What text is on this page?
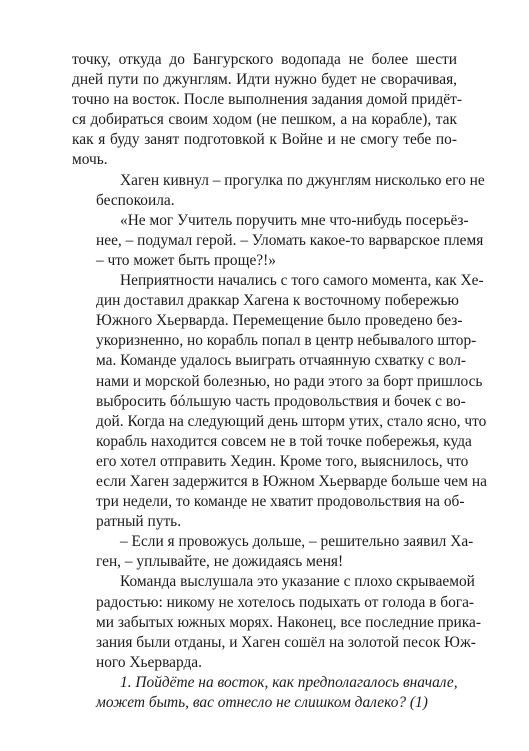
точку, откуда до Бангурского водопада не более шести
дней пути по джунглям. Идти нужно будет не сворачивая,
точно на восток. После выполнения задания домой придёт-
ся добираться своим ходом (не пешком, а на корабле), так
как я буду занят подготовкой к Войне и не смогу тебе по-
мочь.

Хаген кивнул – прогулка по джунглям нисколько его не
беспокоила.

«Не мог Учитель поручить мне что-нибудь посерьёз-
нее, – подумал герой. – Уломать какое-то варварское племя
– что может быть проще?!»

Неприятности начались с того самого момента, как Хе-
дин доставил драккар Хагена к восточному побережью
Южного Хьерварда. Перемещение было проведено без-
укоризненно, но корабль попал в центр небывалого штор-
ма. Команде удалось выиграть отчаянную схватку с вол-
нами и морской болезнью, но ради этого за борт пришлось
выбросить бóльшую часть продовольствия и бочек с во-
дой. Когда на следующий день шторм утих, стало ясно, что
корабль находится совсем не в той точке побережья, куда
его хотел отправить Хедин. Кроме того, выяснилось, что
если Хаген задержится в Южном Хьерварде больше чем на
три недели, то команде не хватит продовольствия на об-
ратный путь.

– Если я провожусь дольше, – решительно заявил Ха-
ген, – уплывайте, не дожидаясь меня!

Команда выслушала это указание с плохо скрываемой
радостью: никому не хотелось подыхать от голода в бога-
ми забытых южных морях. Наконец, все последние прика-
зания были отданы, и Хаген сошёл на золотой песок Юж-
ного Хьерварда.

1. Пойдёте на восток, как предполагалось вначале,
может быть, вас отнесло не слишком далеко? (1)
